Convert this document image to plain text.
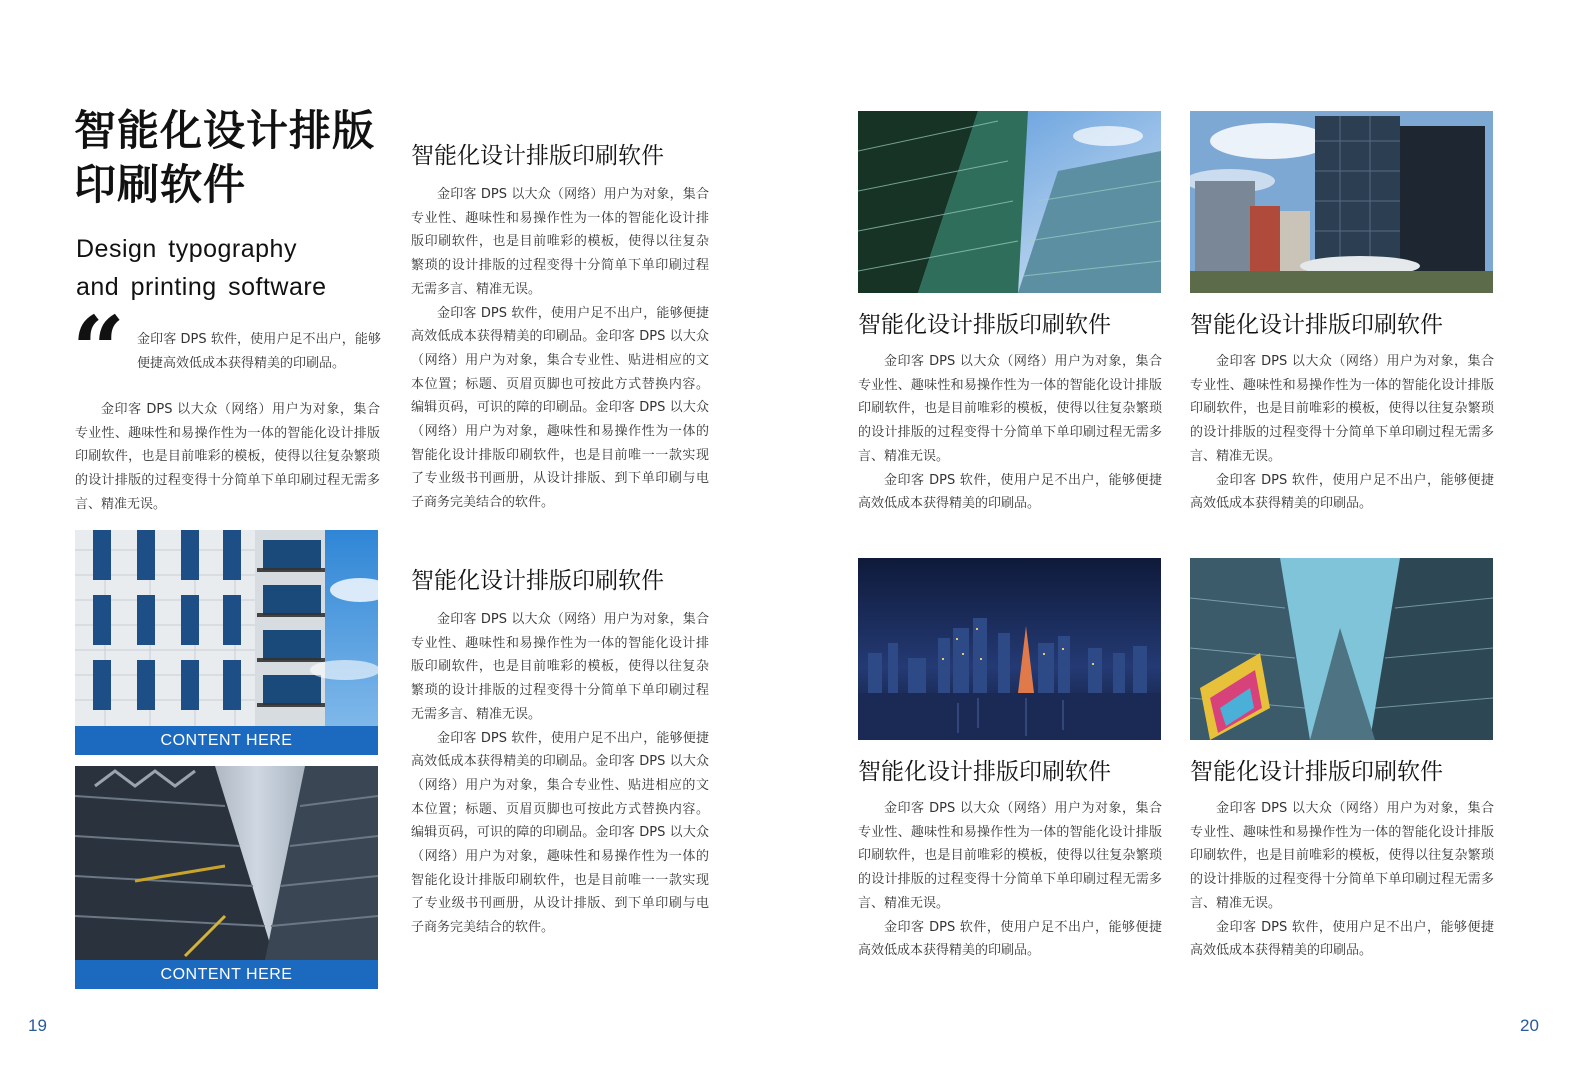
智能化设计排版
印刷软件
Design typography
and printing software
“ 金印客 DPS 软件，使用户足不出户，能够便捷高效低成本获得精美的印刷品。

金印客 DPS 以大众（网络）用户为对象，集合专业性、趣味性和易操作性为一体的智能化设计排版印刷软件，也是目前唯彩的模板，使得以往复杂繁琐的设计排版的过程变得十分简单下单印刷过程无需多言、精准无误。

CONTENT HERE
CONTENT HERE
智能化设计排版印刷软件

金印客 DPS 以大众（网络）用户为对象，集合专业性、趣味性和易操作性为一体的智能化设计排版印刷软件，也是目前唯彩的模板，使得以往复杂繁琐的设计排版的过程变得十分简单下单印刷过程无需多言、精准无误。

金印客 DPS 软件，使用户足不出户，能够便捷高效低成本获得精美的印刷品。金印客 DPS 以大众（网络）用户为对象，集合专业性、贴进相应的文本位置；标题、页眉页脚也可按此方式替换内容。编辑页码，可识的障的印刷品。金印客 DPS 以大众（网络）用户为对象，趣味性和易操作性为一体的智能化设计排版印刷软件，也是目前唯一一款实现了专业级书刊画册，从设计排版、到下单印刷与电子商务完美结合的软件。

智能化设计排版印刷软件

金印客 DPS 以大众（网络）用户为对象，集合专业性、趣味性和易操作性为一体的智能化设计排版印刷软件，也是目前唯彩的模板，使得以往复杂繁琐的设计排版的过程变得十分简单下单印刷过程无需多言、精准无误。

金印客 DPS 软件，使用户足不出户，能够便捷高效低成本获得精美的印刷品。金印客 DPS 以大众（网络）用户为对象，集合专业性、贴进相应的文本位置；标题、页眉页脚也可按此方式替换内容。编辑页码，可识的障的印刷品。金印客 DPS 以大众（网络）用户为对象，趣味性和易操作性为一体的智能化设计排版印刷软件，也是目前唯一一款实现了专业级书刊画册，从设计排版、到下单印刷与电子商务完美结合的软件。

19
智能化设计排版印刷软件

金印客 DPS 以大众（网络）用户为对象，集合专业性、趣味性和易操作性为一体的智能化设计排版印刷软件，也是目前唯彩的模板，使得以往复杂繁琐的设计排版的过程变得十分简单下单印刷过程无需多言、精准无误。

金印客 DPS 软件，使用户足不出户，能够便捷高效低成本获得精美的印刷品。

智能化设计排版印刷软件

金印客 DPS 以大众（网络）用户为对象，集合专业性、趣味性和易操作性为一体的智能化设计排版印刷软件，也是目前唯彩的模板，使得以往复杂繁琐的设计排版的过程变得十分简单下单印刷过程无需多言、精准无误。

金印客 DPS 软件，使用户足不出户，能够便捷高效低成本获得精美的印刷品。

智能化设计排版印刷软件

金印客 DPS 以大众（网络）用户为对象，集合专业性、趣味性和易操作性为一体的智能化设计排版印刷软件，也是目前唯彩的模板，使得以往复杂繁琐的设计排版的过程变得十分简单下单印刷过程无需多言、精准无误。

金印客 DPS 软件，使用户足不出户，能够便捷高效低成本获得精美的印刷品。

智能化设计排版印刷软件

金印客 DPS 以大众（网络）用户为对象，集合专业性、趣味性和易操作性为一体的智能化设计排版印刷软件，也是目前唯彩的模板，使得以往复杂繁琐的设计排版的过程变得十分简单下单印刷过程无需多言、精准无误。

金印客 DPS 软件，使用户足不出户，能够便捷高效低成本获得精美的印刷品。

20
